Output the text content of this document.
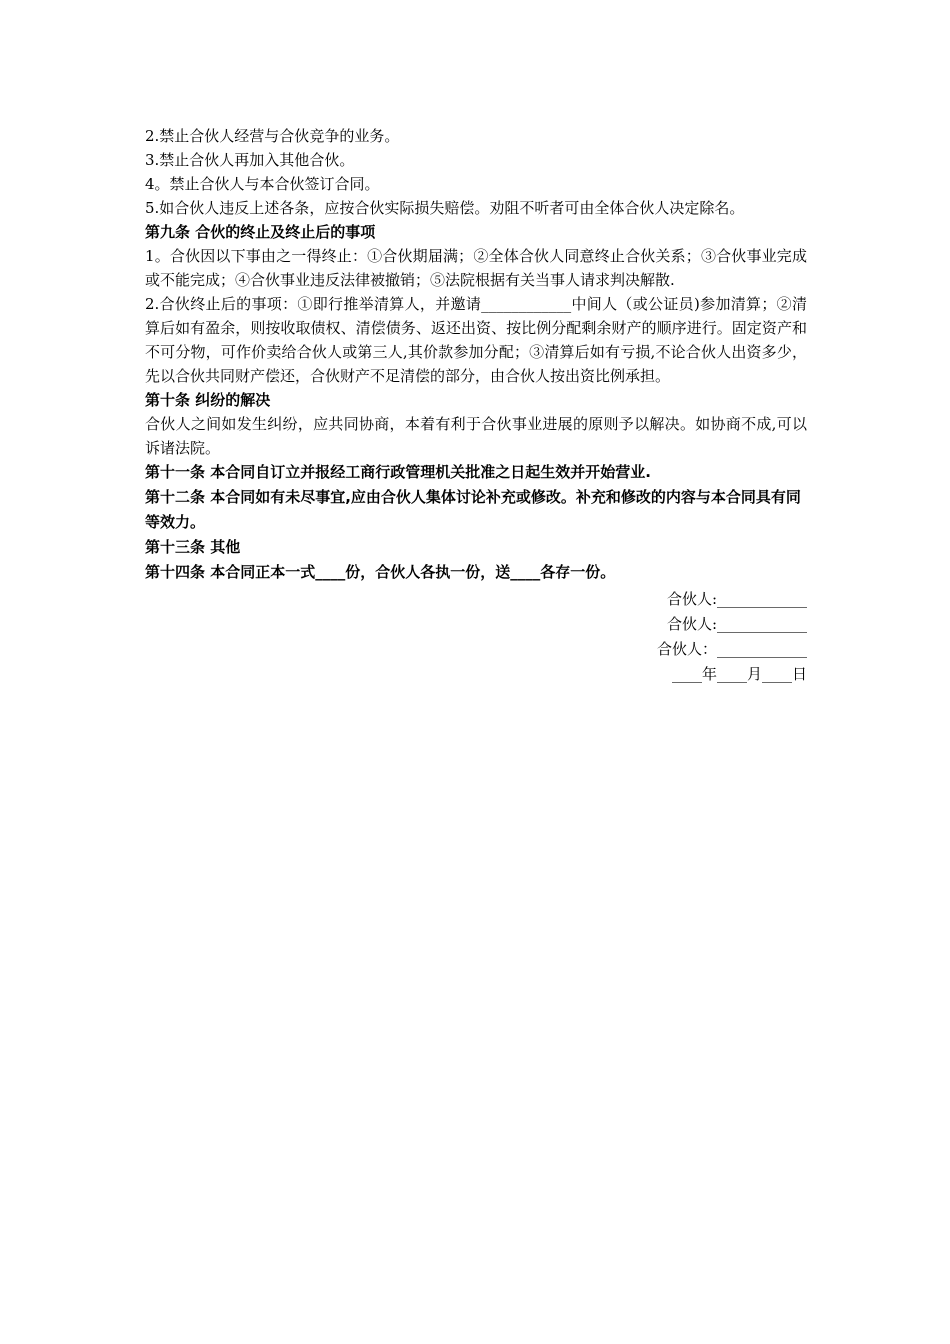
2.禁止合伙人经营与合伙竞争的业务。

3.禁止合伙人再加入其他合伙。

4。禁止合伙人与本合伙签订合同。

5.如合伙人违反上述各条，应按合伙实际损失赔偿。劝阻不听者可由全体合伙人决定除名。

第九条 合伙的终止及终止后的事项

1。合伙因以下事由之一得终止：①合伙期届满；②全体合伙人同意终止合伙关系；③合伙事业完成或不能完成；④合伙事业违反法律被撤销；⑤法院根据有关当事人请求判决解散.

2.合伙终止后的事项：①即行推举清算人，并邀请____________中间人（或公证员)参加清算；②清算后如有盈余，则按收取债权、清偿债务、返还出资、按比例分配剩余财产的顺序进行。固定资产和不可分物，可作价卖给合伙人或第三人,其价款参加分配；③清算后如有亏损,不论合伙人出资多少，先以合伙共同财产偿还，合伙财产不足清偿的部分，由合伙人按出资比例承担。

第十条 纠纷的解决

合伙人之间如发生纠纷，应共同协商，本着有利于合伙事业进展的原则予以解决。如协商不成,可以诉诸法院。

第十一条 本合同自订立并报经工商行政管理机关批准之日起生效并开始营业.

第十二条 本合同如有未尽事宜,应由合伙人集体讨论补充或修改。补充和修改的内容与本合同具有同等效力。

第十三条 其他

第十四条 本合同正本一式____份，合伙人各执一份，送____各存一份。

合伙人:____________

合伙人:____________

合伙人：____________

____年____月____日
